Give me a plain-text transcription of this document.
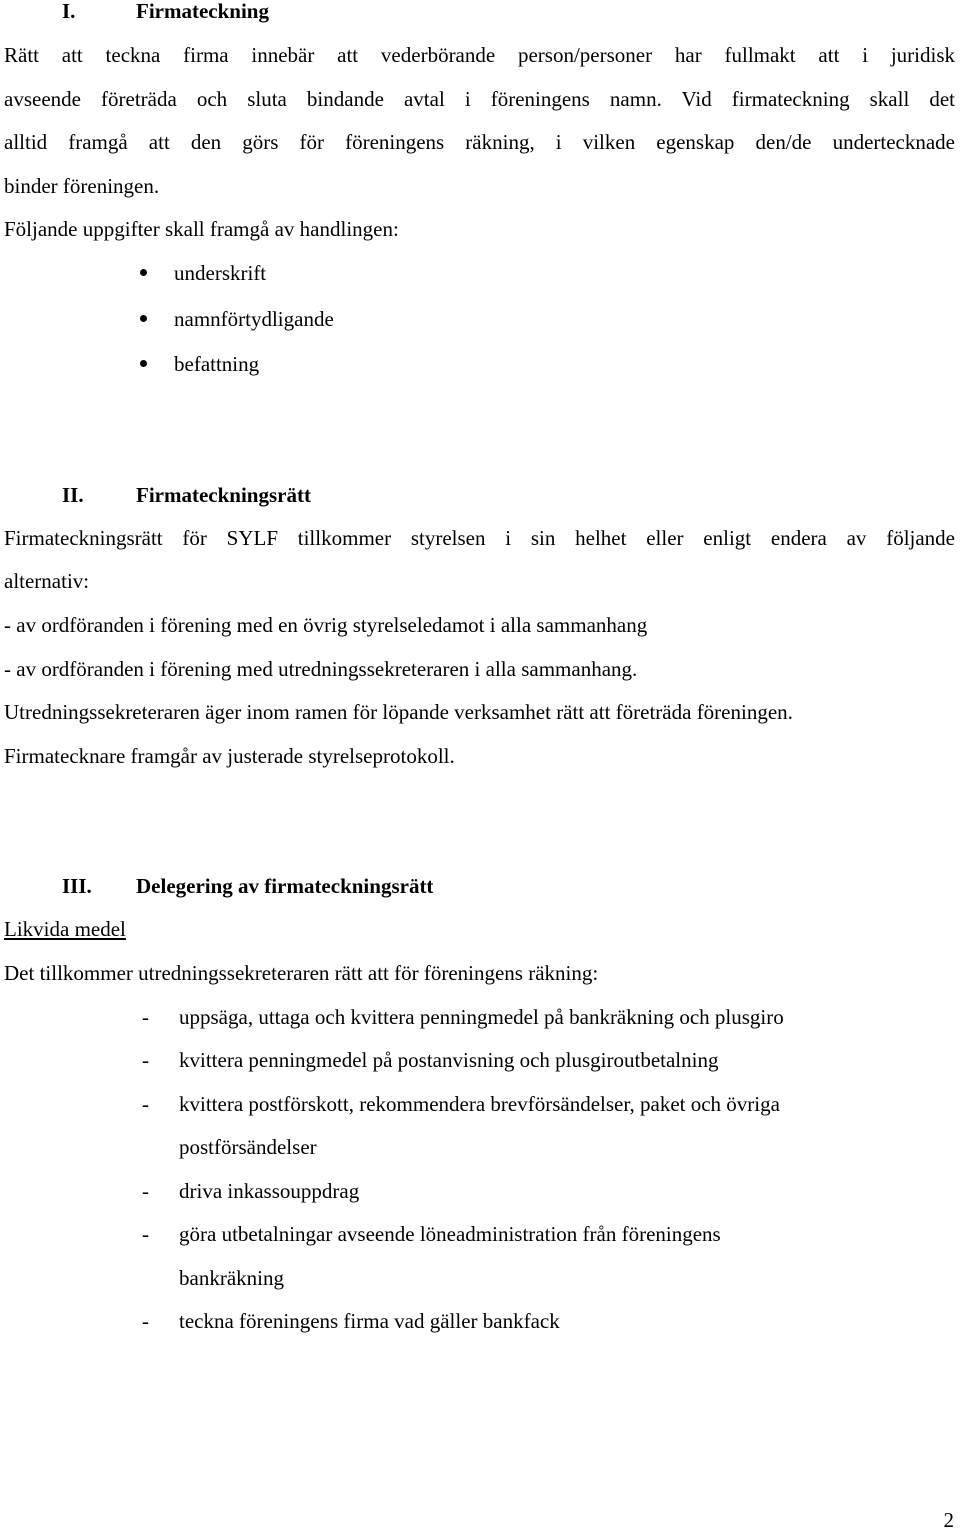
I.	Firmateckning
Rätt att teckna firma innebär att vederbörande person/personer har fullmakt att i juridisk
avseende företräda och sluta bindande avtal i föreningens namn. Vid firmateckning skall det
alltid framgå att den görs för föreningens räkning, i vilken egenskap den/de undertecknade
binder föreningen.
Följande uppgifter skall framgå av handlingen:
underskrift
namnförtydligande
befattning
II. Firmateckningsrätt
Firmateckningsrätt för SYLF tillkommer styrelsen i sin helhet eller enligt endera av följande
alternativ:
- av ordföranden i förening med en övrig styrelseledamot i alla sammanhang
- av ordföranden i förening med utredningssekreteraren i alla sammanhang.
Utredningssekreteraren äger inom ramen för löpande verksamhet rätt att företräda föreningen.
Firmatecknare framgår av justerade styrelseprotokoll.
III. Delegering av firmateckningsrätt
Likvida medel
Det tillkommer utredningssekreteraren rätt att för föreningens räkning:
- uppsäga, uttaga och kvittera penningmedel på bankräkning och plusgiro
- kvittera penningmedel på postanvisning och plusgiroutbetalning
- kvittera postförskott, rekommendera brevförsändelser, paket och övriga
postförsändelser
- driva inkassouppdrag
- göra utbetalningar avseende löneadministration från föreningens
bankräkning
- teckna föreningens firma vad gäller bankfack
2
